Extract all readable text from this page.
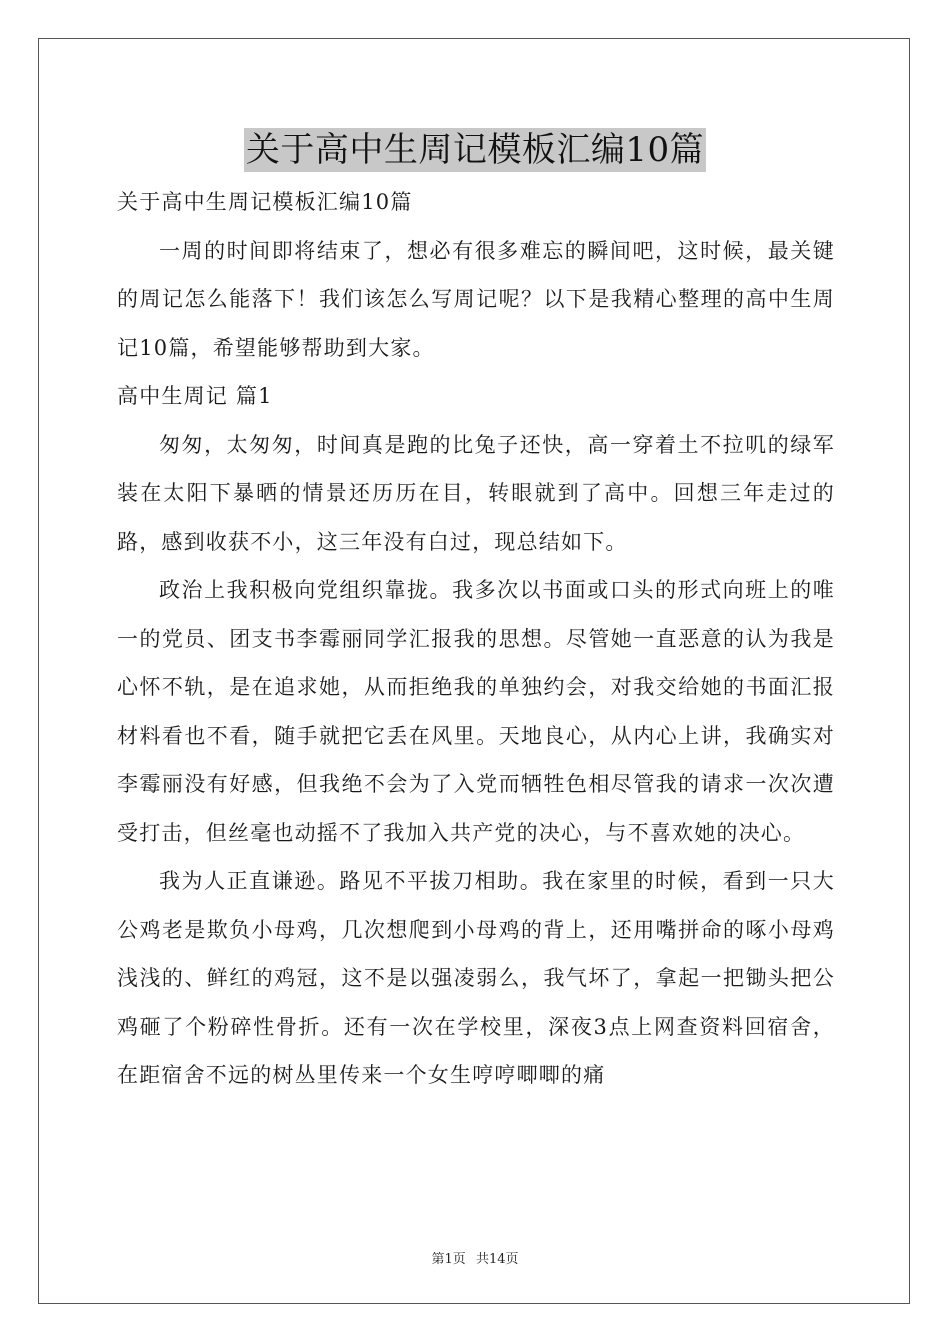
关于高中生周记模板汇编10篇

关于高中生周记模板汇编10篇

一周的时间即将结束了，想必有很多难忘的瞬间吧，这时候，最关键的周记怎么能落下！我们该怎么写周记呢？以下是我精心整理的高中生周记10篇，希望能够帮助到大家。

高中生周记 篇1

匆匆，太匆匆，时间真是跑的比兔子还快，高一穿着土不拉叽的绿军装在太阳下暴晒的情景还历历在目，转眼就到了高中。回想三年走过的路，感到收获不小，这三年没有白过，现总结如下。

政治上我积极向党组织靠拢。我多次以书面或口头的形式向班上的唯一的党员、团支书李霉丽同学汇报我的思想。尽管她一直恶意的认为我是心怀不轨，是在追求她，从而拒绝我的单独约会，对我交给她的书面汇报材料看也不看，随手就把它丢在风里。天地良心，从内心上讲，我确实对李霉丽没有好感，但我绝不会为了入党而牺牲色相尽管我的请求一次次遭受打击，但丝毫也动摇不了我加入共产党的决心，与不喜欢她的决心。

我为人正直谦逊。路见不平拔刀相助。我在家里的时候，看到一只大公鸡老是欺负小母鸡，几次想爬到小母鸡的背上，还用嘴拼命的啄小母鸡浅浅的、鲜红的鸡冠，这不是以强凌弱么，我气坏了，拿起一把锄头把公鸡砸了个粉碎性骨折。还有一次在学校里，深夜3点上网查资料回宿舍，在距宿舍不远的树丛里传来一个女生哼哼唧唧的痛

第1页 共14页
